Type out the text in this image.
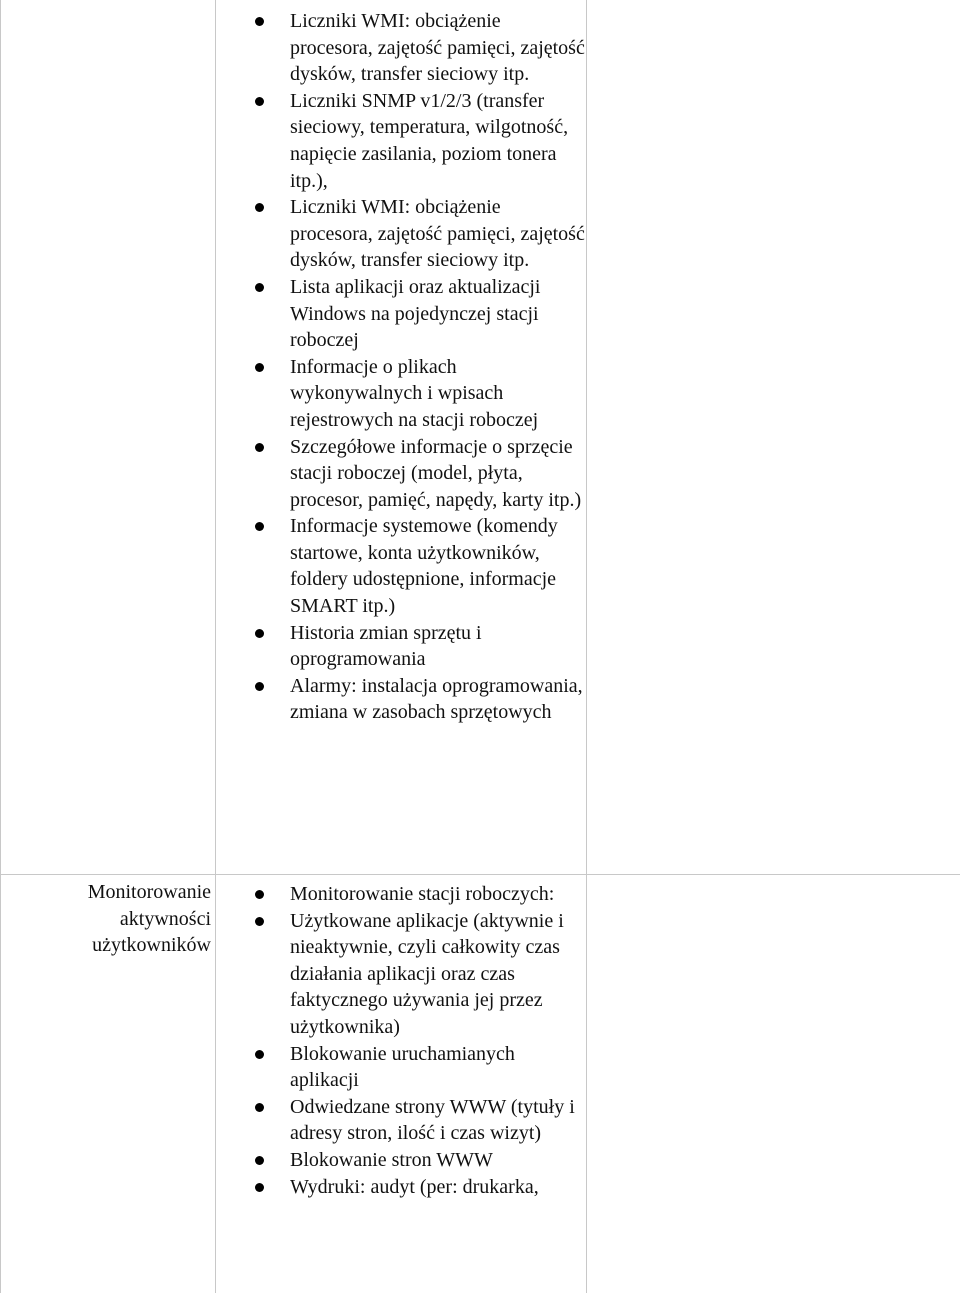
Liczniki WMI: obciążenie procesora, zajętość pamięci, zajętość dysków, transfer sieciowy itp.
Liczniki SNMP v1/2/3 (transfer sieciowy, temperatura, wilgotność, napięcie zasilania, poziom tonera itp.),
Liczniki WMI: obciążenie procesora, zajętość pamięci, zajętość dysków, transfer sieciowy itp.
Lista aplikacji oraz aktualizacji Windows na pojedynczej stacji roboczej
Informacje o plikach wykonywalnych i wpisach rejestrowych na stacji roboczej
Szczegółowe informacje o sprzęcie stacji roboczej (model, płyta, procesor, pamięć, napędy, karty itp.)
Informacje systemowe (komendy startowe, konta użytkowników, foldery udostępnione, informacje SMART itp.)
Historia zmian sprzętu i oprogramowania
Alarmy: instalacja oprogramowania, zmiana w zasobach sprzętowych
Monitorowanie aktywności użytkowników
Monitorowanie stacji roboczych:
Użytkowane aplikacje (aktywnie i nieaktywnie, czyli całkowity czas działania aplikacji oraz czas faktycznego używania jej przez użytkownika)
Blokowanie uruchamianych aplikacji
Odwiedzane strony WWW (tytuły i adresy stron, ilość i czas wizyt)
Blokowanie stron WWW
Wydruki: audyt (per: drukarka,
